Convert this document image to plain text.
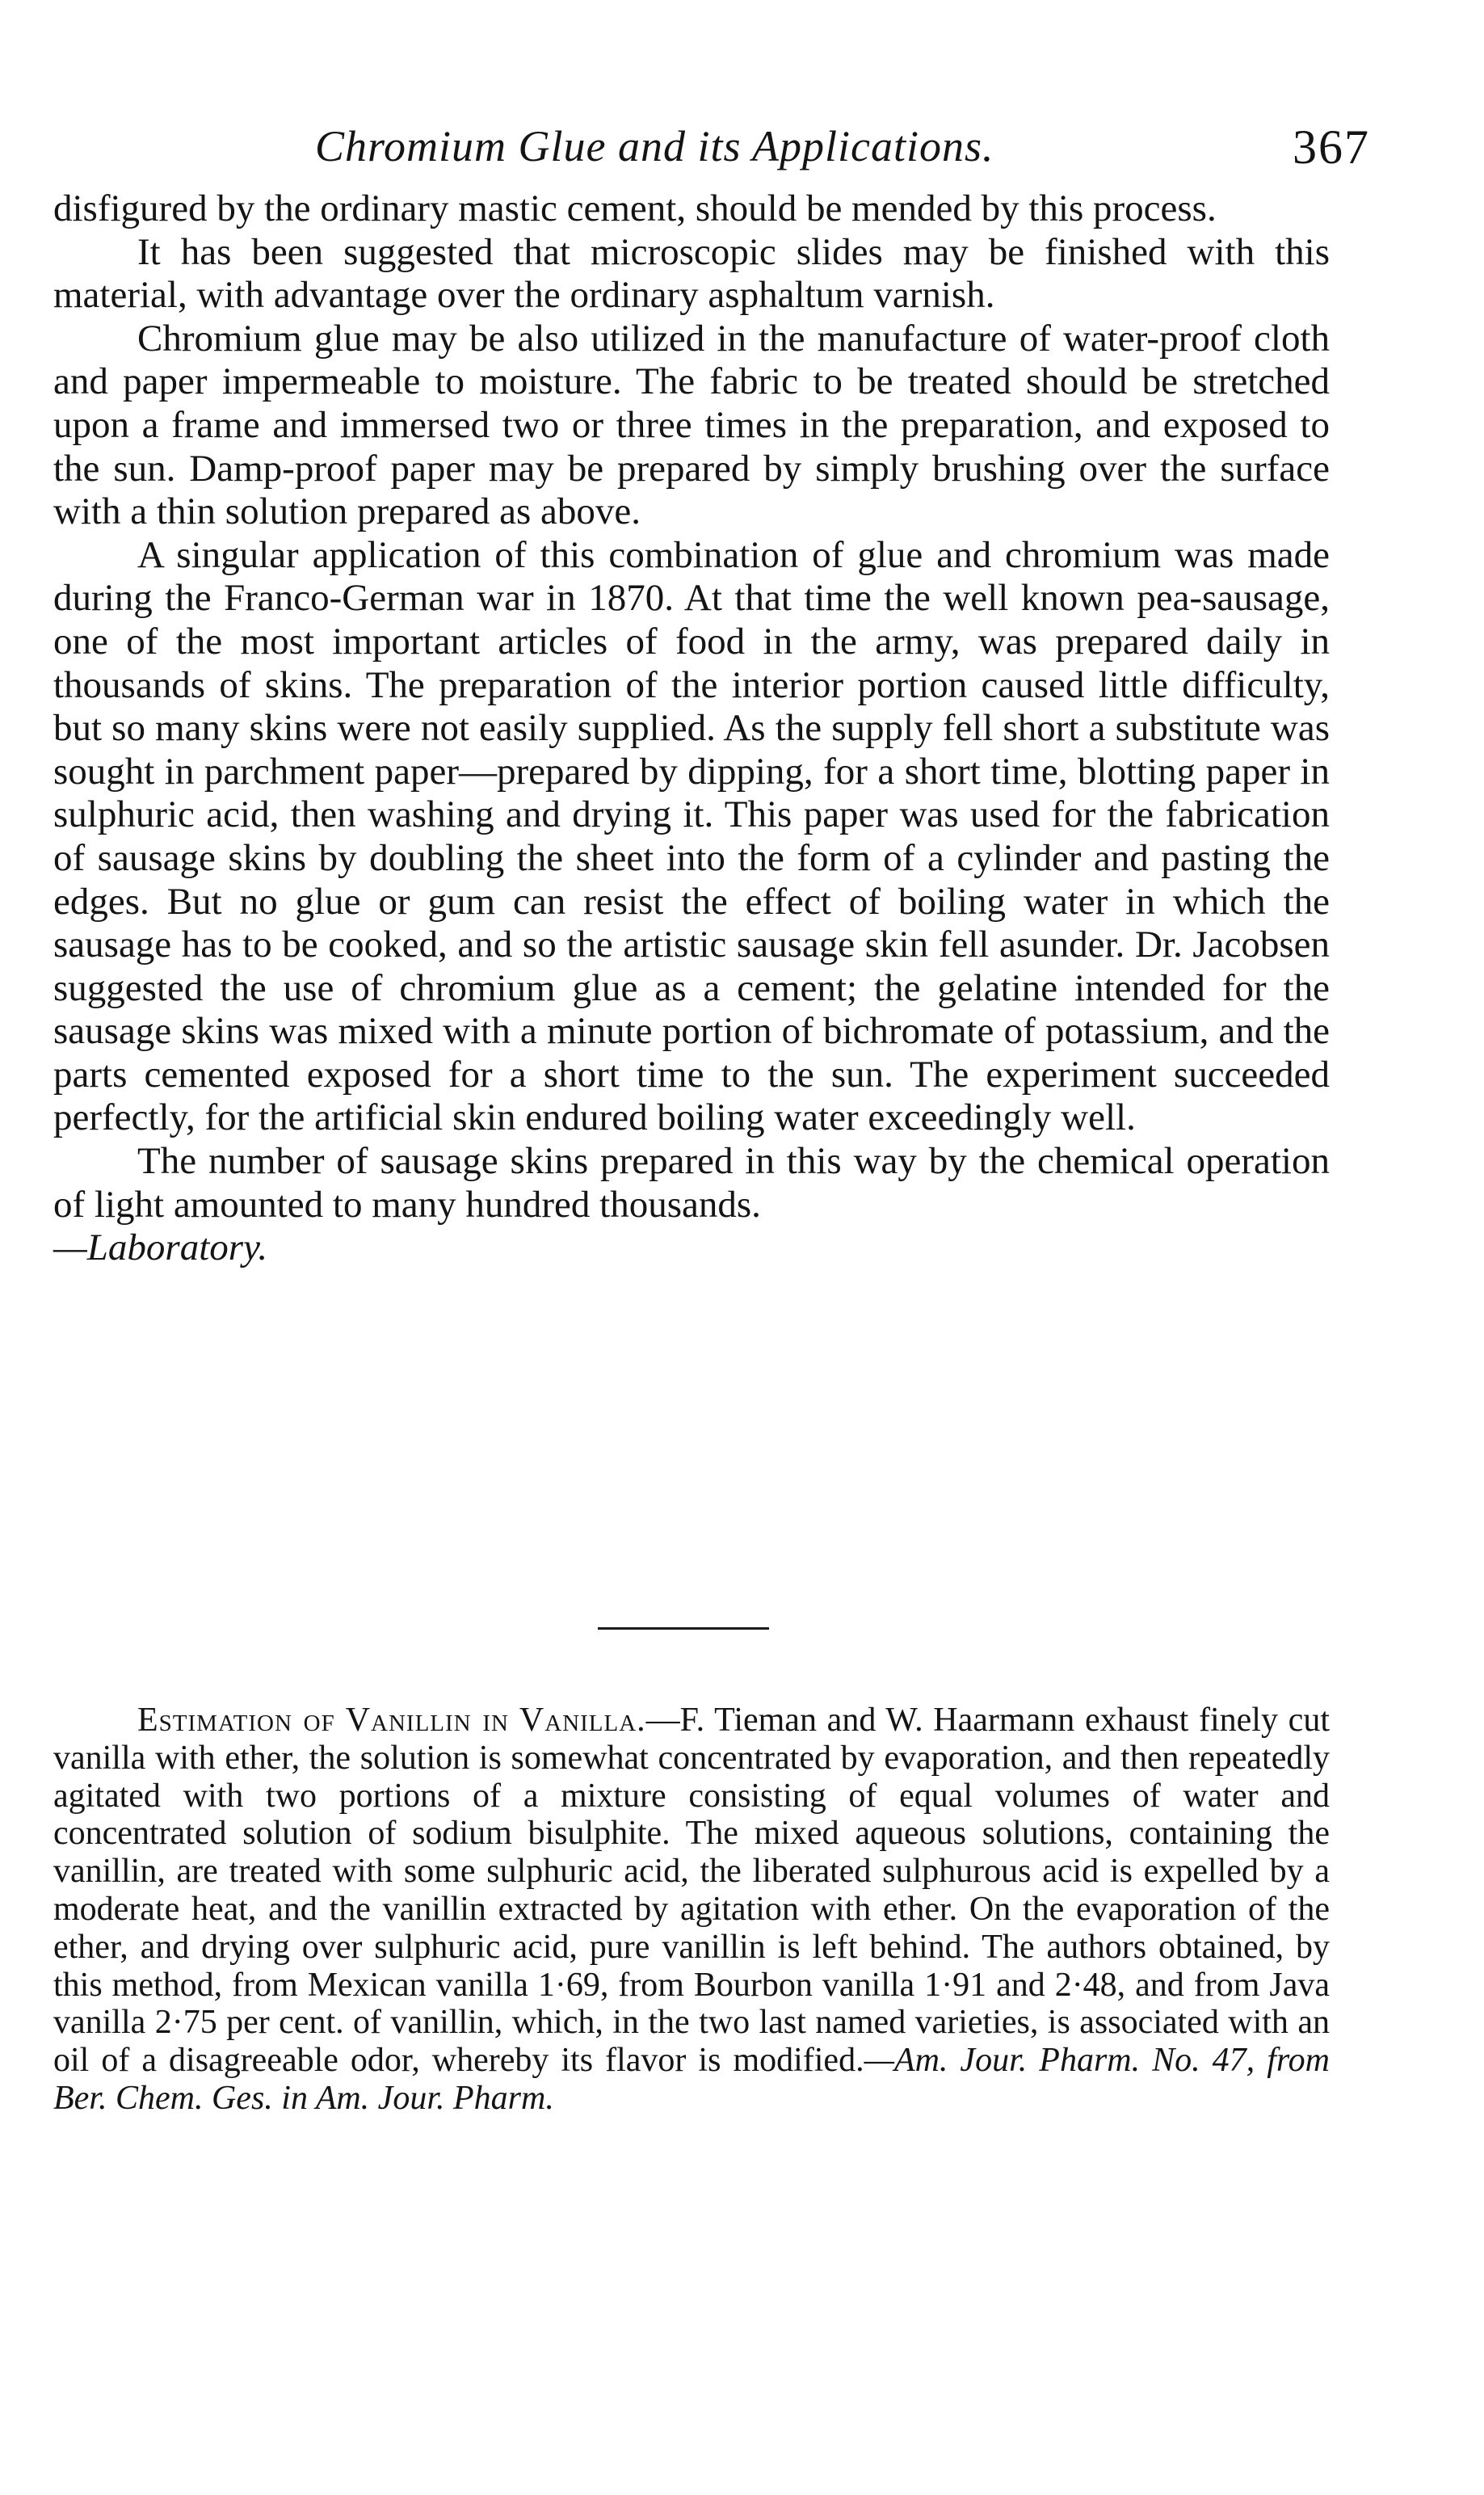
Chromium Glue and its Applications.	367

disfigured by the ordinary mastic cement, should be mended by this process.

It has been suggested that microscopic slides may be finished with this material, with advantage over the ordinary asphaltum varnish.

Chromium glue may be also utilized in the manufacture of water-proof cloth and paper impermeable to moisture. The fabric to be treated should be stretched upon a frame and immersed two or three times in the preparation, and exposed to the sun. Damp-proof paper may be prepared by simply brushing over the surface with a thin solution prepared as above.

A singular application of this combination of glue and chromium was made during the Franco-German war in 1870. At that time the well known pea-sausage, one of the most important articles of food in the army, was prepared daily in thousands of skins. The preparation of the interior portion caused little difficulty, but so many skins were not easily supplied. As the supply fell short a substitute was sought in parchment paper—prepared by dipping, for a short time, blotting paper in sulphuric acid, then washing and drying it. This paper was used for the fabrication of sausage skins by doubling the sheet into the form of a cylinder and pasting the edges. But no glue or gum can resist the effect of boiling water in which the sausage has to be cooked, and so the artistic sausage skin fell asunder. Dr. Jacobsen suggested the use of chromium glue as a cement; the gelatine intended for the sausage skins was mixed with a minute portion of bichromate of potassium, and the parts cemented exposed for a short time to the sun. The experiment succeeded perfectly, for the artificial skin endured boiling water exceedingly well.

The number of sausage skins prepared in this way by the chemical operation of light amounted to many hundred thousands.

—Laboratory.

Estimation of Vanillin in Vanilla.—F. Tieman and W. Haarmann exhaust finely cut vanilla with ether, the solution is somewhat concentrated by evaporation, and then repeatedly agitated with two portions of a mixture consisting of equal volumes of water and concentrated solution of sodium bisulphite. The mixed aqueous solutions, containing the vanillin, are treated with some sulphuric acid, the liberated sulphurous acid is expelled by a moderate heat, and the vanillin extracted by agitation with ether. On the evaporation of the ether, and drying over sulphuric acid, pure vanillin is left behind. The authors obtained, by this method, from Mexican vanilla 1·69, from Bourbon vanilla 1·91 and 2·48, and from Java vanilla 2·75 per cent. of vanillin, which, in the two last named varieties, is associated with an oil of a disagreeable odor, whereby its flavor is modified.—Am. Jour. Pharm. No. 47, from Ber. Chem. Ges. in Am. Jour. Pharm.
